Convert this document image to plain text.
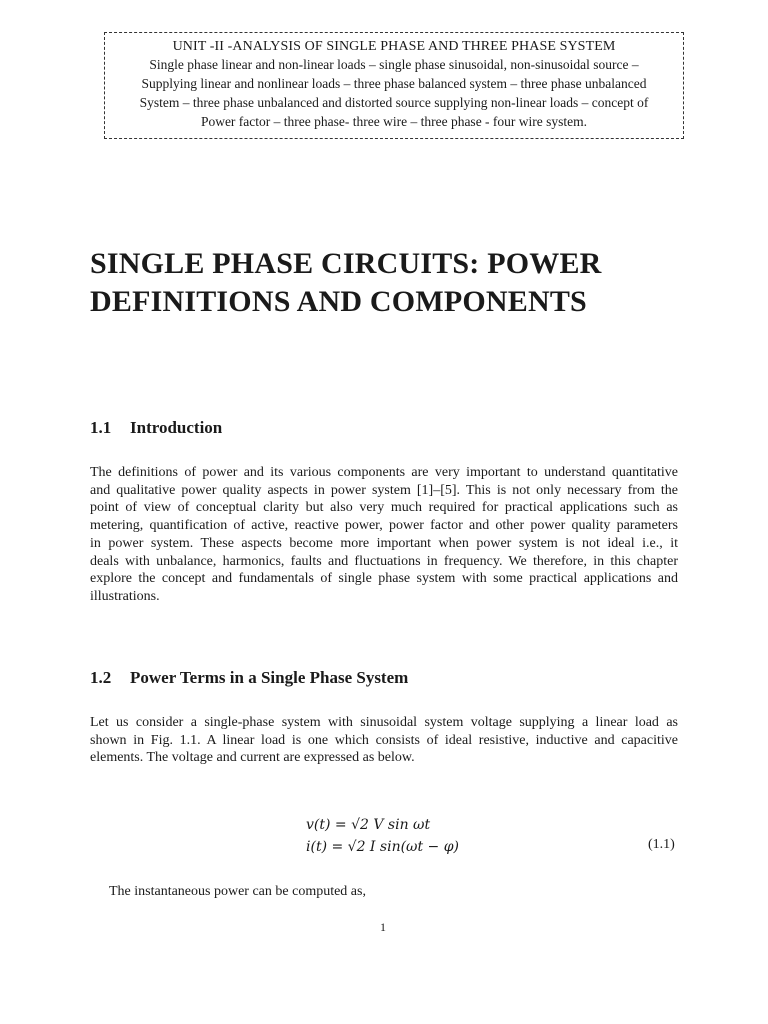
UNIT -II -ANALYSIS OF SINGLE PHASE AND THREE PHASE SYSTEM
Single phase linear and non-linear loads – single phase sinusoidal, non-sinusoidal source –
Supplying linear and nonlinear loads – three phase balanced system – three phase unbalanced
System – three phase unbalanced and distorted source supplying non-linear loads – concept of
Power factor – three phase- three wire – three phase - four wire system.
SINGLE PHASE CIRCUITS: POWER
DEFINITIONS AND COMPONENTS
1.1 Introduction
The definitions of power and its various components are very important to understand quantitative
and qualitative power quality aspects in power system [1]–[5]. This is not only necessary from the
point of view of conceptual clarity but also very much required for practical applications such as
metering, quantification of active, reactive power, power factor and other power quality parameters
in power system. These aspects become more important when power system is not ideal i.e., it
deals with unbalance, harmonics, faults and fluctuations in frequency. We therefore, in this chapter
explore the concept and fundamentals of single phase system with some practical applications and
illustrations.
1.2 Power Terms in a Single Phase System
Let us consider a single-phase system with sinusoidal system voltage supplying a linear load as
shown in Fig. 1.1. A linear load is one which consists of ideal resistive, inductive and capacitive
elements. The voltage and current are expressed as below.
v(t) = √2 V sin ωt
i(t) = √2 I sin(ωt − φ)	(1.1)
The instantaneous power can be computed as,
1
